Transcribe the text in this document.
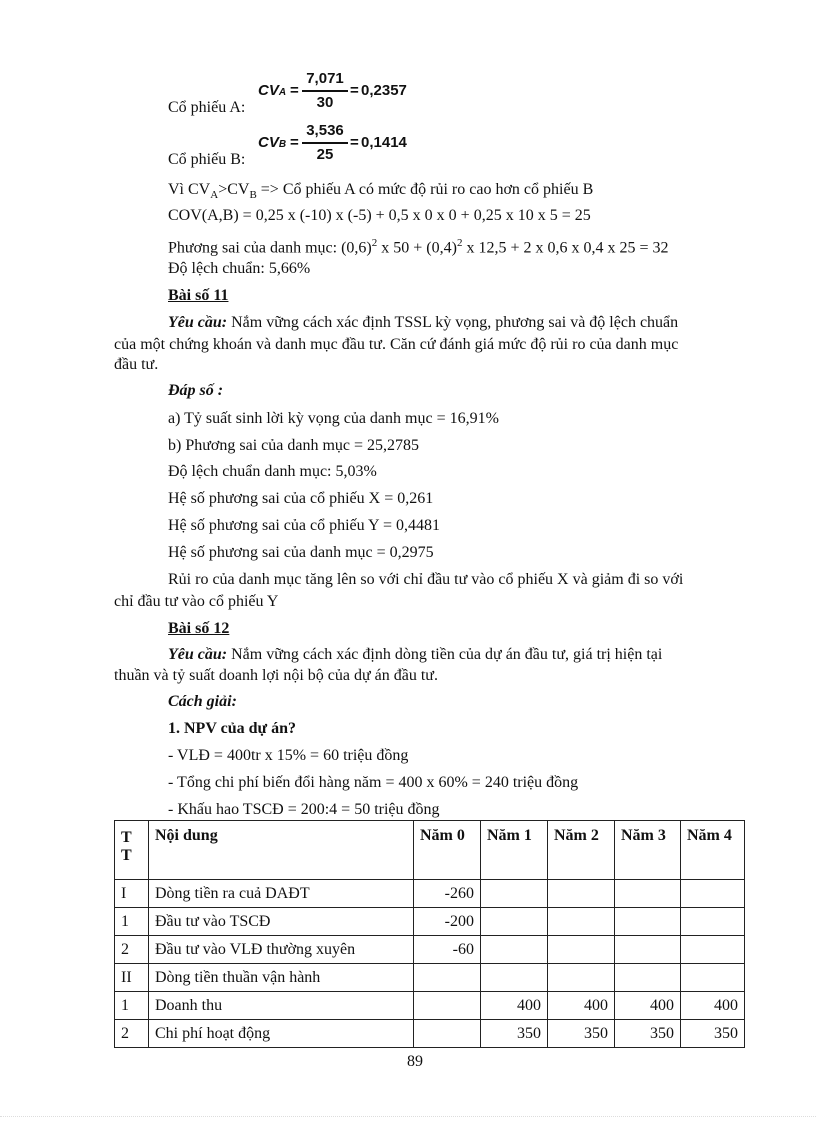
Cổ phiếu A:
CVA =
7,071
30
= 0,2357
Cổ phiếu B:
CVB =
3,536
25
= 0,1414
Vì $CV_A>CV_B$ => Cổ phiếu A có mức độ rủi ro cao hơn cổ phiếu B
COV(A,B) = 0,25 x (-10) x (-5) + 0,5 x 0 x 0 + 0,25 x 10 x 5 = 25
Phương sai của danh mục: $(0,6)^2$ x $50 + (0,4)^2$ x 12,5 + 2 x 0,6 x 0,4 x 25 = 32
Độ lệch chuẩn: 5,66%
Bài số 11
Yêu cầu: Nắm vững cách xác định TSSL kỳ vọng, phương sai và độ lệch chuẩn
của một chứng khoán và danh mục đầu tư. Căn cứ đánh giá mức độ rủi ro của danh mục
đầu tư.
Đáp số :
a) Tỷ suất sinh lời kỳ vọng của danh mục = 16,91%
b) Phương sai của danh mục = 25,2785
Độ lệch chuẩn danh mục: 5,03%
Hệ số phương sai của cổ phiếu X = 0,261
Hệ số phương sai của cổ phiếu Y = 0,4481
Hệ số phương sai của danh mục = 0,2975
Rủi ro của danh mục tăng lên so với chỉ đầu tư vào cổ phiếu X và giảm đi so với
chỉ đầu tư vào cổ phiếu Y
Bài số 12
Yêu cầu: Nắm vững cách xác định dòng tiền của dự án đầu tư, giá trị hiện tại
thuần và tỷ suất doanh lợi nội bộ của dự án đầu tư.
Cách giải:
1. NPV của dự án?
- VLĐ = 400tr x 15% = 60 triệu đồng
- Tổng chi phí biến đổi hàng năm = 400 x 60% = 240 triệu đồng
- Khấu hao TSCĐ = 200:4 = 50 triệu đồng
T
T	Nội dung	Năm 0	Năm 1	Năm 2	Năm 3	Năm 4
I	Dòng tiền ra cuả DAĐT	-260				
1	Đầu tư vào TSCĐ	-200				
2	Đầu tư vào VLĐ thường xuyên	-60				
II	Dòng tiền thuần vận hành					
1	Doanh thu		400	400	400	400
2	Chi phí hoạt động		350	350	350	350
89
